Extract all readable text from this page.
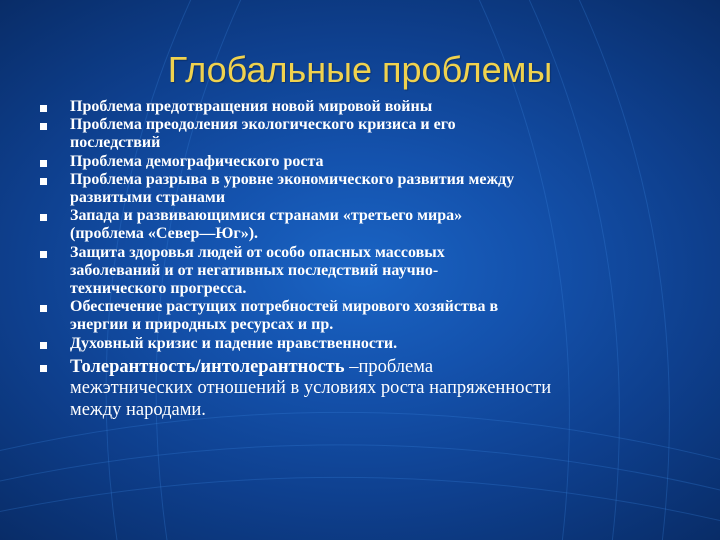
Глобальные проблемы
Проблема предотвращения новой мировой войны
Проблема преодоления экологического кризиса и его
последствий
Проблема демографического роста
Проблема разрыва в уровне экономического развития между
развитыми странами
Запада и развивающимися странами «третьего мира»
(проблема «Север—Юг»).
Защита здоровья людей от особо опасных массовых
заболеваний и от негативных последствий научно-
технического прогресса.
Обеспечение растущих потребностей мирового хозяйства в
энергии и природных ресурсах и пр.
Духовный кризис и падение нравственности.
Толерантность/интолерантность –проблема
межэтнических отношений в условиях роста напряженности
между народами.
